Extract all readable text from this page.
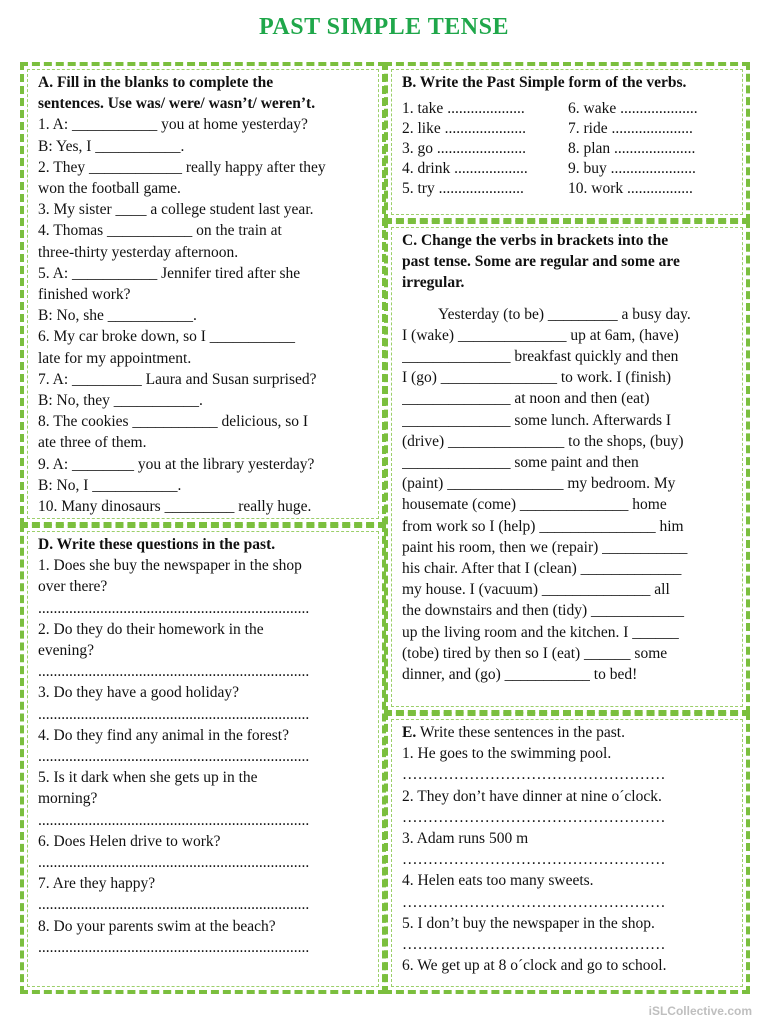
PAST SIMPLE TENSE
A. Fill in the blanks to complete the
sentences. Use was/ were/ wasn’t/ weren’t.
1. A: ___________ you at home yesterday?
B: Yes, I ___________.
2. They ____________ really happy after they
won the football game.
3. My sister ____ a college student last year.
4. Thomas ___________ on the train at
three-thirty yesterday afternoon.
5. A: ___________ Jennifer tired after she
finished work?
B: No, she ___________.
6. My car broke down, so I ___________
late for my appointment.
7. A: _________ Laura and Susan surprised?
B: No, they ___________.
8. The cookies ___________ delicious, so I
ate three of them.
9. A: ________ you at the library yesterday?
B: No, I ___________.
10. Many dinosaurs _________ really huge.
B. Write the Past Simple form of the verbs.
1. take ....................	6. wake ....................
2. like .....................	7. ride .....................
3. go .......................	8. plan .....................
4. drink ...................	9. buy ......................
5. try ......................	10. work .................
C. Change the verbs in brackets into the
past tense. Some are regular and some are
irregular.
Yesterday (to be) _________ a busy day.
I (wake) ______________ up at 6am, (have)
______________ breakfast quickly and then
I (go) _______________ to work. I (finish)
______________ at noon and then (eat)
______________ some lunch. Afterwards I
(drive) _______________ to the shops, (buy)
______________ some paint and then
(paint) _______________ my bedroom. My
housemate (come) ______________ home
from work so I (help) _______________ him
paint his room, then we (repair) ___________
his chair. After that I (clean) _____________
my house. I (vacuum) ______________ all
the downstairs and then (tidy) ____________
up the living room and the kitchen. I ______
(tobe) tired by then so I (eat) ______ some
dinner, and (go) ___________ to bed!
D. Write these questions in the past.
1. Does she buy the newspaper in the shop
over there?
......................................................................
2. Do they do their homework in the
evening?
......................................................................
3. Do they have a good holiday?
......................................................................
4. Do they find any animal in the forest?
......................................................................
5. Is it dark when she gets up in the
morning?
......................................................................
6. Does Helen drive to work?
......................................................................
7. Are they happy?
......................................................................
8. Do your parents swim at the beach?
......................................................................
E. Write these sentences in the past.
1. He goes to the swimming pool.
……………………………………………
2. They don’t have dinner at nine o´clock.
……………………………………………
3. Adam runs 500 m
……………………………………………
4. Helen eats too many sweets.
……………………………………………
5. I don’t buy the newspaper in the shop.
……………………………………………
6. We get up at 8 o´clock and go to school.
iSLCollective.com
